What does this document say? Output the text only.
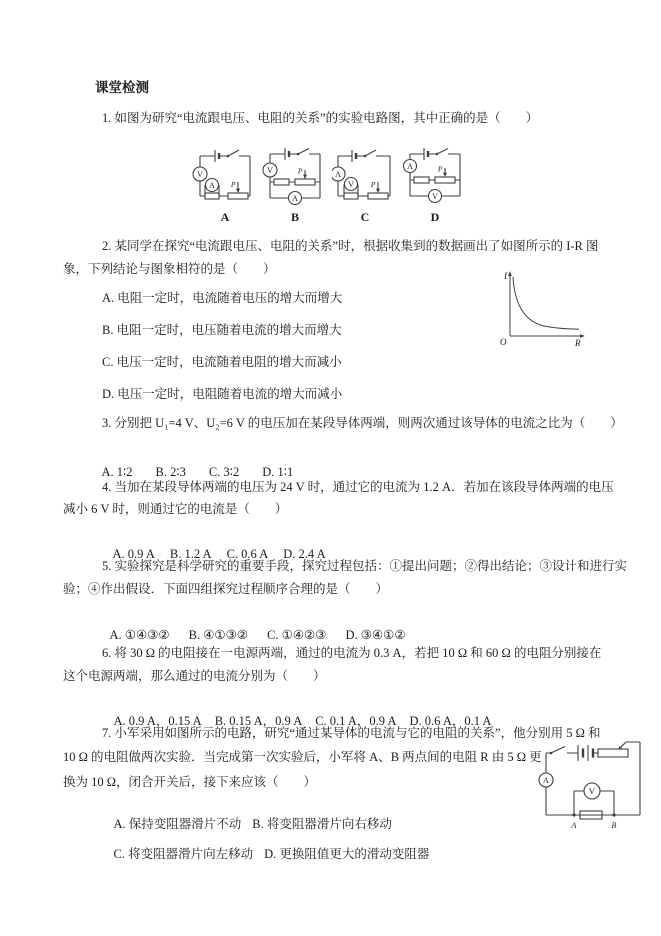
课堂检测
1. 如图为研究“电流跟电压、电阻的关系”的实验电路图，其中正确的是（　　）
V
A P
A
V	P
A
B
A
V P
C
A	P
V
D
2. 某同学在探究“电流跟电压、电阻的关系”时，根据收集到的数据画出了如图所示的 I-R 图
象，下列结论与图象相符的是（　　）
A. 电阻一定时，电流随着电压的增大而增大
B. 电阻一定时，电压随着电流的增大而增大
C. 电压一定时，电流随着电阻的增大而减小
D. 电压一定时，电阻随着电流的增大而减小
I
O	R
3. 分别把 U₁=4 V、U₂=6 V 的电压加在某段导体两端，则两次通过该导体的电流之比为（　　）

A. 1∶2 B. 2∶3 C. 3∶2 D. 1∶1

4. 当加在某段导体两端的电压为 24 V 时，通过它的电流为 1.2 A．若加在该段导体两端的电压
减小 6 V 时，则通过它的电流是（　　）

A. 0.9 A B. 1.2 A C. 0.6 A D. 2.4 A

5. 实验探究是科学研究的重要手段，探究过程包括：①提出问题；②得出结论；③设计和进行实
验；④作出假设．下面四组探究过程顺序合理的是（　　）

A. ①④③② B. ④①③② C. ①④②③ D. ③④①②

6. 将 30 Ω 的电阻接在一电源两端，通过的电流为 0.3 A，若把 10 Ω 和 60 Ω 的电阻分别接在
这个电源两端，那么通过的电流分别为（　　）

A. 0.9 A，0.15 A B. 0.15 A，0.9 A C. 0.1 A，0.9 A D. 0.6 A，0.1 A

7. 小军采用如图所示的电路，研究“通过某导体的电流与它的电阻的关系”，他分别用 5 Ω 和
10 Ω 的电阻做两次实验．当完成第一次实验后，小军将 A、B 两点间的电阻 R 由 5 Ω 更
换为 10 Ω，闭合开关后，接下来应该（　　）

A. 保持变阻器滑片不动 B. 将变阻器滑片向右移动

C. 将变阻器滑片向左移动 D. 更换阻值更大的滑动变阻器

A
V
A	B
